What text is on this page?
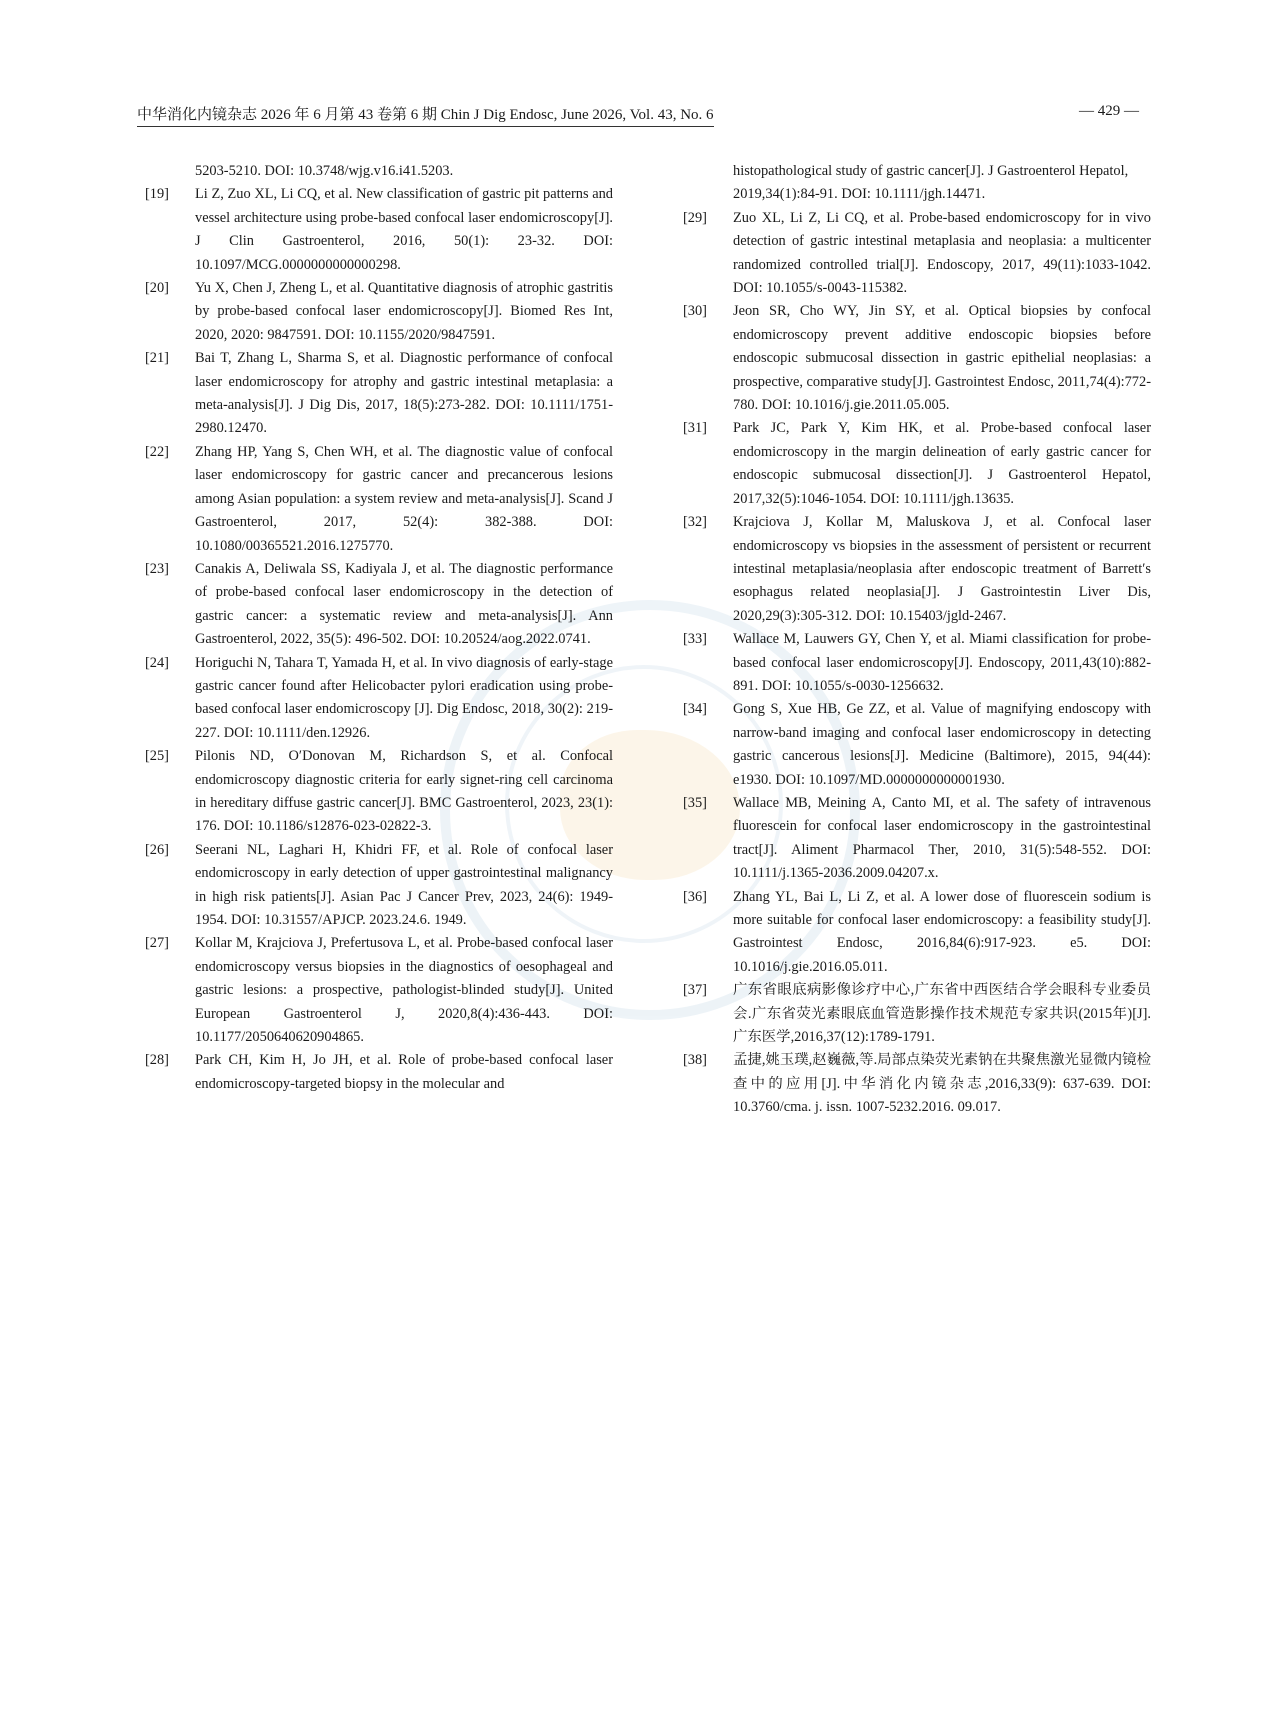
中华消化内镜杂志 2026 年 6 月第 43 卷第 6 期 Chin J Dig Endosc, June 2026, Vol. 43, No. 6	— 429 —
5203-5210. DOI: 10.3748/wjg.v16.i41.5203.
[19] Li Z, Zuo XL, Li CQ, et al. New classification of gastric pit patterns and vessel architecture using probe-based confocal laser endomicroscopy[J]. J Clin Gastroenterol, 2016, 50(1): 23-32. DOI: 10.1097/MCG.0000000000000298.
[20] Yu X, Chen J, Zheng L, et al. Quantitative diagnosis of atrophic gastritis by probe-based confocal laser endomicroscopy[J]. Biomed Res Int, 2020, 2020: 9847591. DOI: 10.1155/2020/9847591.
[21] Bai T, Zhang L, Sharma S, et al. Diagnostic performance of confocal laser endomicroscopy for atrophy and gastric intestinal metaplasia: a meta-analysis[J]. J Dig Dis, 2017, 18(5):273-282. DOI: 10.1111/1751-2980.12470.
[22] Zhang HP, Yang S, Chen WH, et al. The diagnostic value of confocal laser endomicroscopy for gastric cancer and precancerous lesions among Asian population: a system review and meta-analysis[J]. Scand J Gastroenterol, 2017, 52(4): 382-388. DOI: 10.1080/00365521.2016.1275770.
[23] Canakis A, Deliwala SS, Kadiyala J, et al. The diagnostic performance of probe-based confocal laser endomicroscopy in the detection of gastric cancer: a systematic review and meta-analysis[J]. Ann Gastroenterol, 2022, 35(5): 496-502. DOI: 10.20524/aog.2022.0741.
[24] Horiguchi N, Tahara T, Yamada H, et al. In vivo diagnosis of early-stage gastric cancer found after Helicobacter pylori eradication using probe-based confocal laser endomicroscopy [J]. Dig Endosc, 2018, 30(2): 219-227. DOI: 10.1111/den.12926.
[25] Pilonis ND, O′Donovan M, Richardson S, et al. Confocal endomicroscopy diagnostic criteria for early signet-ring cell carcinoma in hereditary diffuse gastric cancer[J]. BMC Gastroenterol, 2023, 23(1): 176. DOI: 10.1186/s12876-023-02822-3.
[26] Seerani NL, Laghari H, Khidri FF, et al. Role of confocal laser endomicroscopy in early detection of upper gastrointestinal malignancy in high risk patients[J]. Asian Pac J Cancer Prev, 2023, 24(6): 1949-1954. DOI: 10.31557/APJCP. 2023.24.6. 1949.
[27] Kollar M, Krajciova J, Prefertusova L, et al. Probe-based confocal laser endomicroscopy versus biopsies in the diagnostics of oesophageal and gastric lesions: a prospective, pathologist-blinded study[J]. United European Gastroenterol J, 2020,8(4):436-443. DOI: 10.1177/2050640620904865.
[28] Park CH, Kim H, Jo JH, et al. Role of probe-based confocal laser endomicroscopy-targeted biopsy in the molecular and
histopathological study of gastric cancer[J]. J Gastroenterol Hepatol, 2019,34(1):84-91. DOI: 10.1111/jgh.14471.
[29] Zuo XL, Li Z, Li CQ, et al. Probe-based endomicroscopy for in vivo detection of gastric intestinal metaplasia and neoplasia: a multicenter randomized controlled trial[J]. Endoscopy, 2017, 49(11):1033-1042. DOI: 10.1055/s-0043-115382.
[30] Jeon SR, Cho WY, Jin SY, et al. Optical biopsies by confocal endomicroscopy prevent additive endoscopic biopsies before endoscopic submucosal dissection in gastric epithelial neoplasias: a prospective, comparative study[J]. Gastrointest Endosc, 2011,74(4):772-780. DOI: 10.1016/j.gie.2011.05.005.
[31] Park JC, Park Y, Kim HK, et al. Probe-based confocal laser endomicroscopy in the margin delineation of early gastric cancer for endoscopic submucosal dissection[J]. J Gastroenterol Hepatol, 2017,32(5):1046-1054. DOI: 10.1111/jgh.13635.
[32] Krajciova J, Kollar M, Maluskova J, et al. Confocal laser endomicroscopy vs biopsies in the assessment of persistent or recurrent intestinal metaplasia/neoplasia after endoscopic treatment of Barrett′s esophagus related neoplasia[J]. J Gastrointestin Liver Dis, 2020,29(3):305-312. DOI: 10.15403/jgld-2467.
[33] Wallace M, Lauwers GY, Chen Y, et al. Miami classification for probe-based confocal laser endomicroscopy[J]. Endoscopy, 2011,43(10):882-891. DOI: 10.1055/s-0030-1256632.
[34] Gong S, Xue HB, Ge ZZ, et al. Value of magnifying endoscopy with narrow-band imaging and confocal laser endomicroscopy in detecting gastric cancerous lesions[J]. Medicine (Baltimore), 2015, 94(44): e1930. DOI: 10.1097/MD.0000000000001930.
[35] Wallace MB, Meining A, Canto MI, et al. The safety of intravenous fluorescein for confocal laser endomicroscopy in the gastrointestinal tract[J]. Aliment Pharmacol Ther, 2010, 31(5):548-552. DOI: 10.1111/j.1365-2036.2009.04207.x.
[36] Zhang YL, Bai L, Li Z, et al. A lower dose of fluorescein sodium is more suitable for confocal laser endomicroscopy: a feasibility study[J]. Gastrointest Endosc, 2016,84(6):917-923. e5. DOI: 10.1016/j.gie.2016.05.011.
[37] 广东省眼底病影像诊疗中心,广东省中西医结合学会眼科专业委员会.广东省荧光素眼底血管造影操作技术规范专家共识(2015年)[J].广东医学,2016,37(12):1789-1791.
[38] 孟捷,姚玉璞,赵巍薇,等.局部点染荧光素钠在共聚焦激光显微内镜检查中的应用[J].中华消化内镜杂志,2016,33(9): 637-639. DOI: 10.3760/cma. j. issn. 1007-5232.2016. 09.017.
